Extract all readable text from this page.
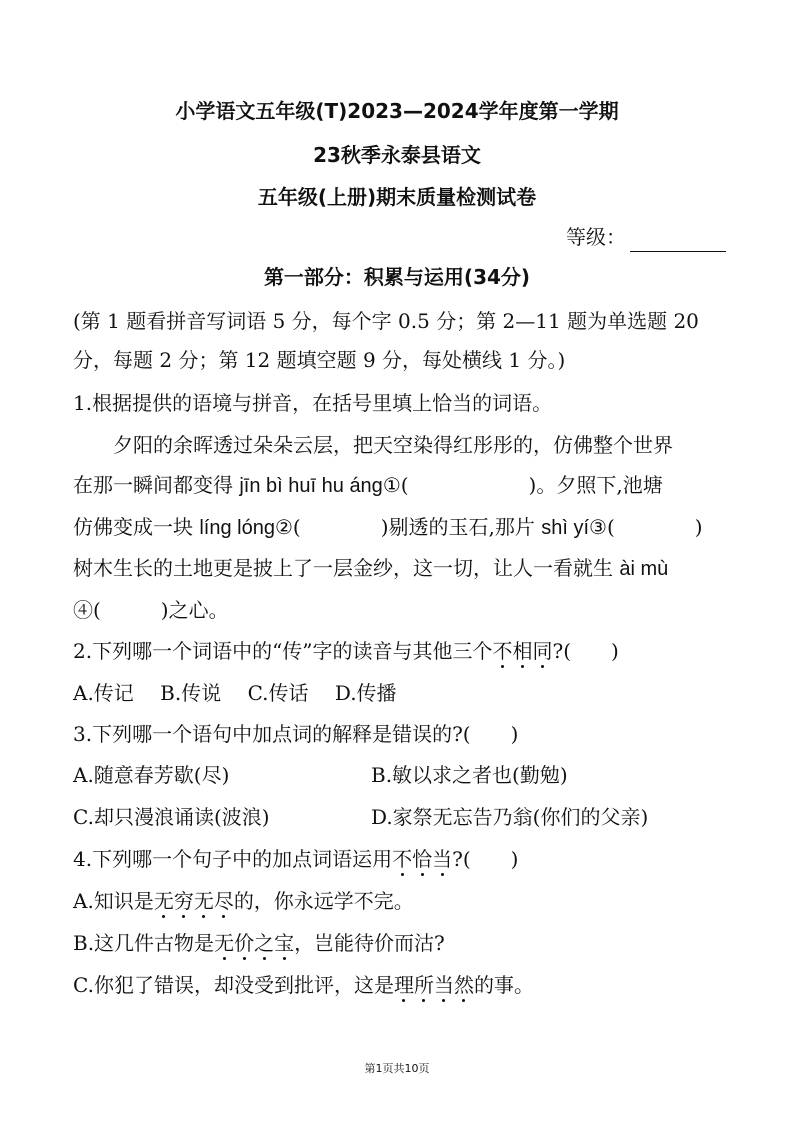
小学语文五年级(T)2023—2024学年度第一学期
23秋季永泰县语文
五年级(上册)期末质量检测试卷
等级：
第一部分：积累与运用(34分)
(第 1 题看拼音写词语 5 分，每个字 0.5 分；第 2—11 题为单选题 20
分，每题 2 分；第 12 题填空题 9 分，每处横线 1 分。)
1.根据提供的语境与拼音，在括号里填上恰当的词语。
夕阳的余晖透过朵朵云层，把天空染得红彤彤的，仿佛整个世界
在那一瞬间都变得 jīn bì huī hu áng①(　　　　　　)。夕照下,池塘
仿佛变成一块 líng lóng②(　　　　)剔透的玉石,那片 shì yí③(　　　　)
树木生长的土地更是披上了一层金纱，这一切，让人一看就生 ài mù
④(　　　)之心。
2.下列哪一个词语中的“传”字的读音与其他三个不相同?(　　)
A.传记　 B.传说　 C.传话　 D.传播
3.下列哪一个语句中加点词的解释是错误的?(　　)
A.随意春芳歇(尽)	B.敏以求之者也(勤勉)
C.却只漫浪诵读(波浪)	D.家祭无忘告乃翁(你们的父亲)
4.下列哪一个句子中的加点词语运用不恰当?(　　)
A.知识是无穷无尽的，你永远学不完。
B.这几件古物是无价之宝，岂能待价而沽?
C.你犯了错误，却没受到批评，这是理所当然的事。
第1页共10页
